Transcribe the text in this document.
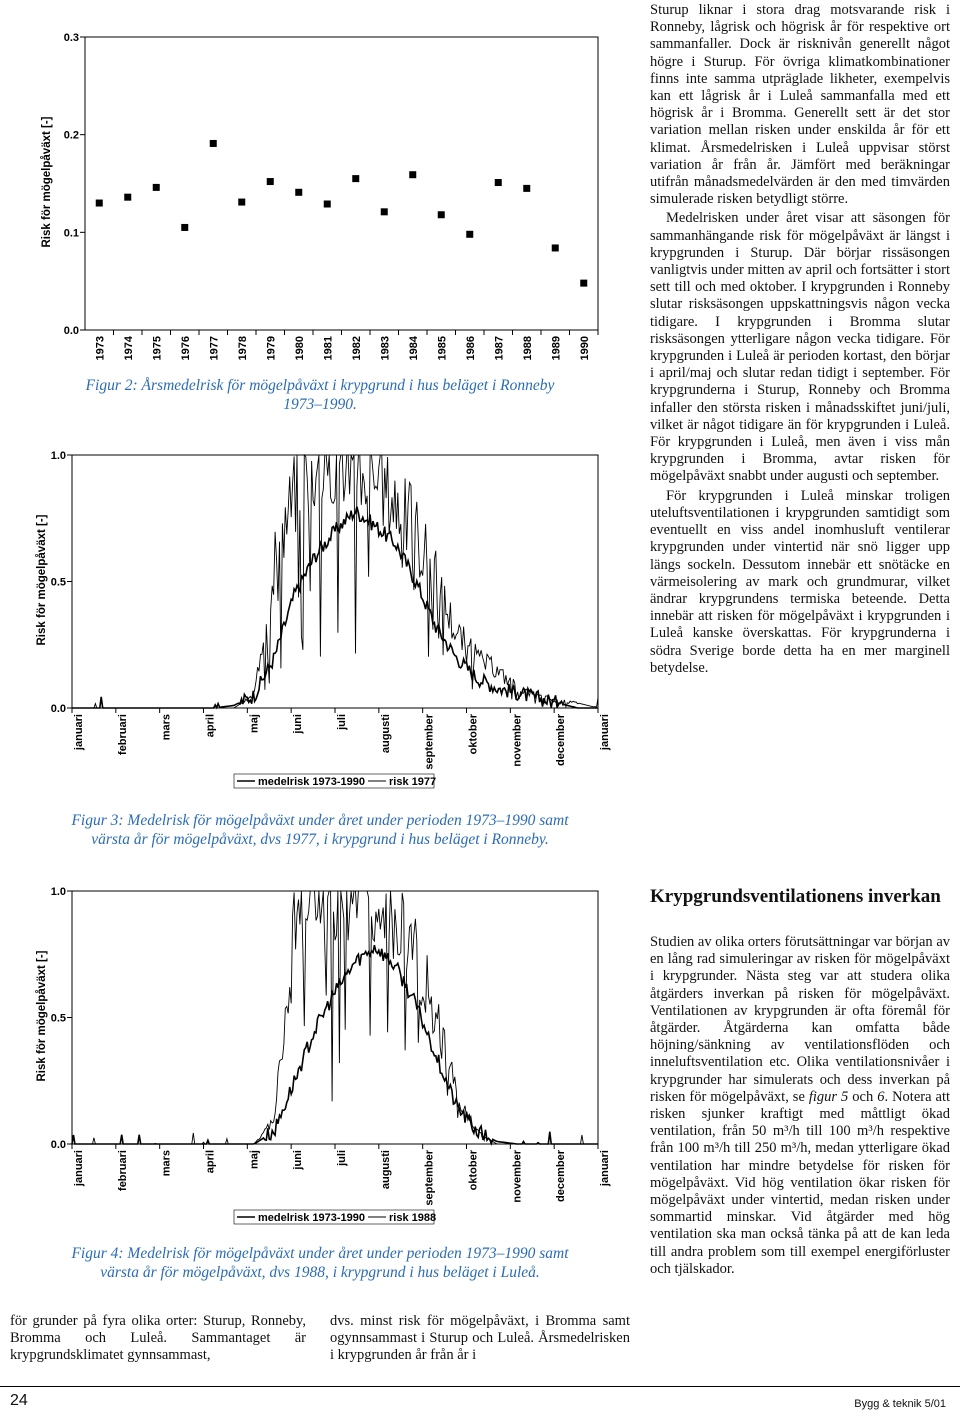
Risk för mögelpåväxt [-]
0.0
0.1
0.2
0.3
1973 1974 1975 1976 1977 1978 1979 1980 1981 1982 1983 1984 1985 1986 1987 1988 1989 1990
Figur 2: Årsmedelrisk för mögelpåväxt i krypgrund i hus beläget i Ronneby
1973–1990.
Risk för mögelpåväxt [-]
0.0
0.5
1.0
januari	februari	mars	april	maj	juni	juli	augusti	september	oktober	november	december	januari
medelrisk 1973-1990 risk 1977
Figur 3: Medelrisk för mögelpåväxt under året under perioden 1973–1990 samt
värsta år för mögelpåväxt, dvs 1977, i krypgrund i hus beläget i Ronneby.
Risk för mögelpåväxt [-]
0.0
0.5
1.0
januari	februari	mars	april	maj	juni	juli	augusti	september	oktober	november	december	januari
medelrisk 1973-1990 risk 1988
Figur 4: Medelrisk för mögelpåväxt under året under perioden 1973–1990 samt
värsta år för mögelpåväxt, dvs 1988, i krypgrund i hus beläget i Luleå.

för grunder på fyra olika orter: Sturup, Ronneby, Bromma och Luleå. Sammantaget är krypgrundsklimatet gynnsammast,

dvs. minst risk för mögelpåväxt, i Bromma samt ogynnsammast i Sturup och Luleå. Årsmedelrisken i krypgrunden år från år i

Sturup liknar i stora drag motsvarande risk i Ronneby, lågrisk och högrisk år för respektive ort sammanfaller. Dock är risknivån generellt något högre i Sturup. För övriga klimatkombinationer finns inte samma utpräglade likheter, exempelvis kan ett lågrisk år i Luleå sammanfalla med ett högrisk år i Bromma. Generellt sett är det stor variation mellan risken under enskilda år för ett klimat. Årsmedelrisken i Luleå uppvisar störst variation år från år. Jämfört med beräkningar utifrån månadsmedelvärden är den med timvärden simulerade risken betydligt större.

Medelrisken under året visar att säsongen för sammanhängande risk för mögelpåväxt är längst i krypgrunden i Sturup. Där börjar rissäsongen vanligtvis under mitten av april och fortsätter i stort sett till och med oktober. I krypgrunden i Ronneby slutar risksäsongen uppskattningsvis någon vecka tidigare. I krypgrunden i Bromma slutar risksäsongen ytterligare någon vecka tidigare. För krypgrunden i Luleå är perioden kortast, den börjar i april/maj och slutar redan tidigt i september. För krypgrunderna i Sturup, Ronneby och Bromma infaller den största risken i månadsskiftet juni/juli, vilket är något tidigare än för krypgrunden i Luleå. För krypgrunden i Luleå, men även i viss mån krypgrunden i Bromma, avtar risken för mögelpåväxt snabbt under augusti och september.

För krypgrunden i Luleå minskar troligen uteluftsventilationen i krypgrunden samtidigt som eventuellt en viss andel inomhusluft ventilerar krypgrunden under vintertid när snö ligger upp längs sockeln. Dessutom innebär ett snötäcke en värmeisolering av mark och grundmurar, vilket ändrar krypgrundens termiska beteende. Detta innebär att risken för mögelpåväxt i krypgrunden i Luleå kanske överskattas. För krypgrunderna i södra Sverige borde detta ha en mer marginell betydelse.

Krypgrundsventilationens inverkan

Studien av olika orters förutsättningar var början av en lång rad simuleringar av risken för mögelpåväxt i krypgrunder. Nästa steg var att studera olika åtgärders inverkan på risken för mögelpåväxt. Ventilationen av krypgrunden är ofta föremål för åtgärder. Åtgärderna kan omfatta både höjning/sänkning av ventilationsflöden och inneluftsventilation etc. Olika ventilationsnivåer i krypgrunder har simulerats och dess inverkan på risken för mögelpåväxt, se figur 5 och 6. Notera att risken sjunker kraftigt med måttligt ökad ventilation, från 50 m³/h till 100 m³/h respektive från 100 m³/h till 250 m³/h, medan ytterligare ökad ventilation har mindre betydelse för risken för mögelpåväxt. Vid hög ventilation ökar risken för mögelpåväxt under vintertid, medan risken under sommartid minskar. Vid åtgärder med hög ventilation ska man också tänka på att de kan leda till andra problem som till exempel energiförluster och tjälskador.

24	Bygg & teknik 5/01
